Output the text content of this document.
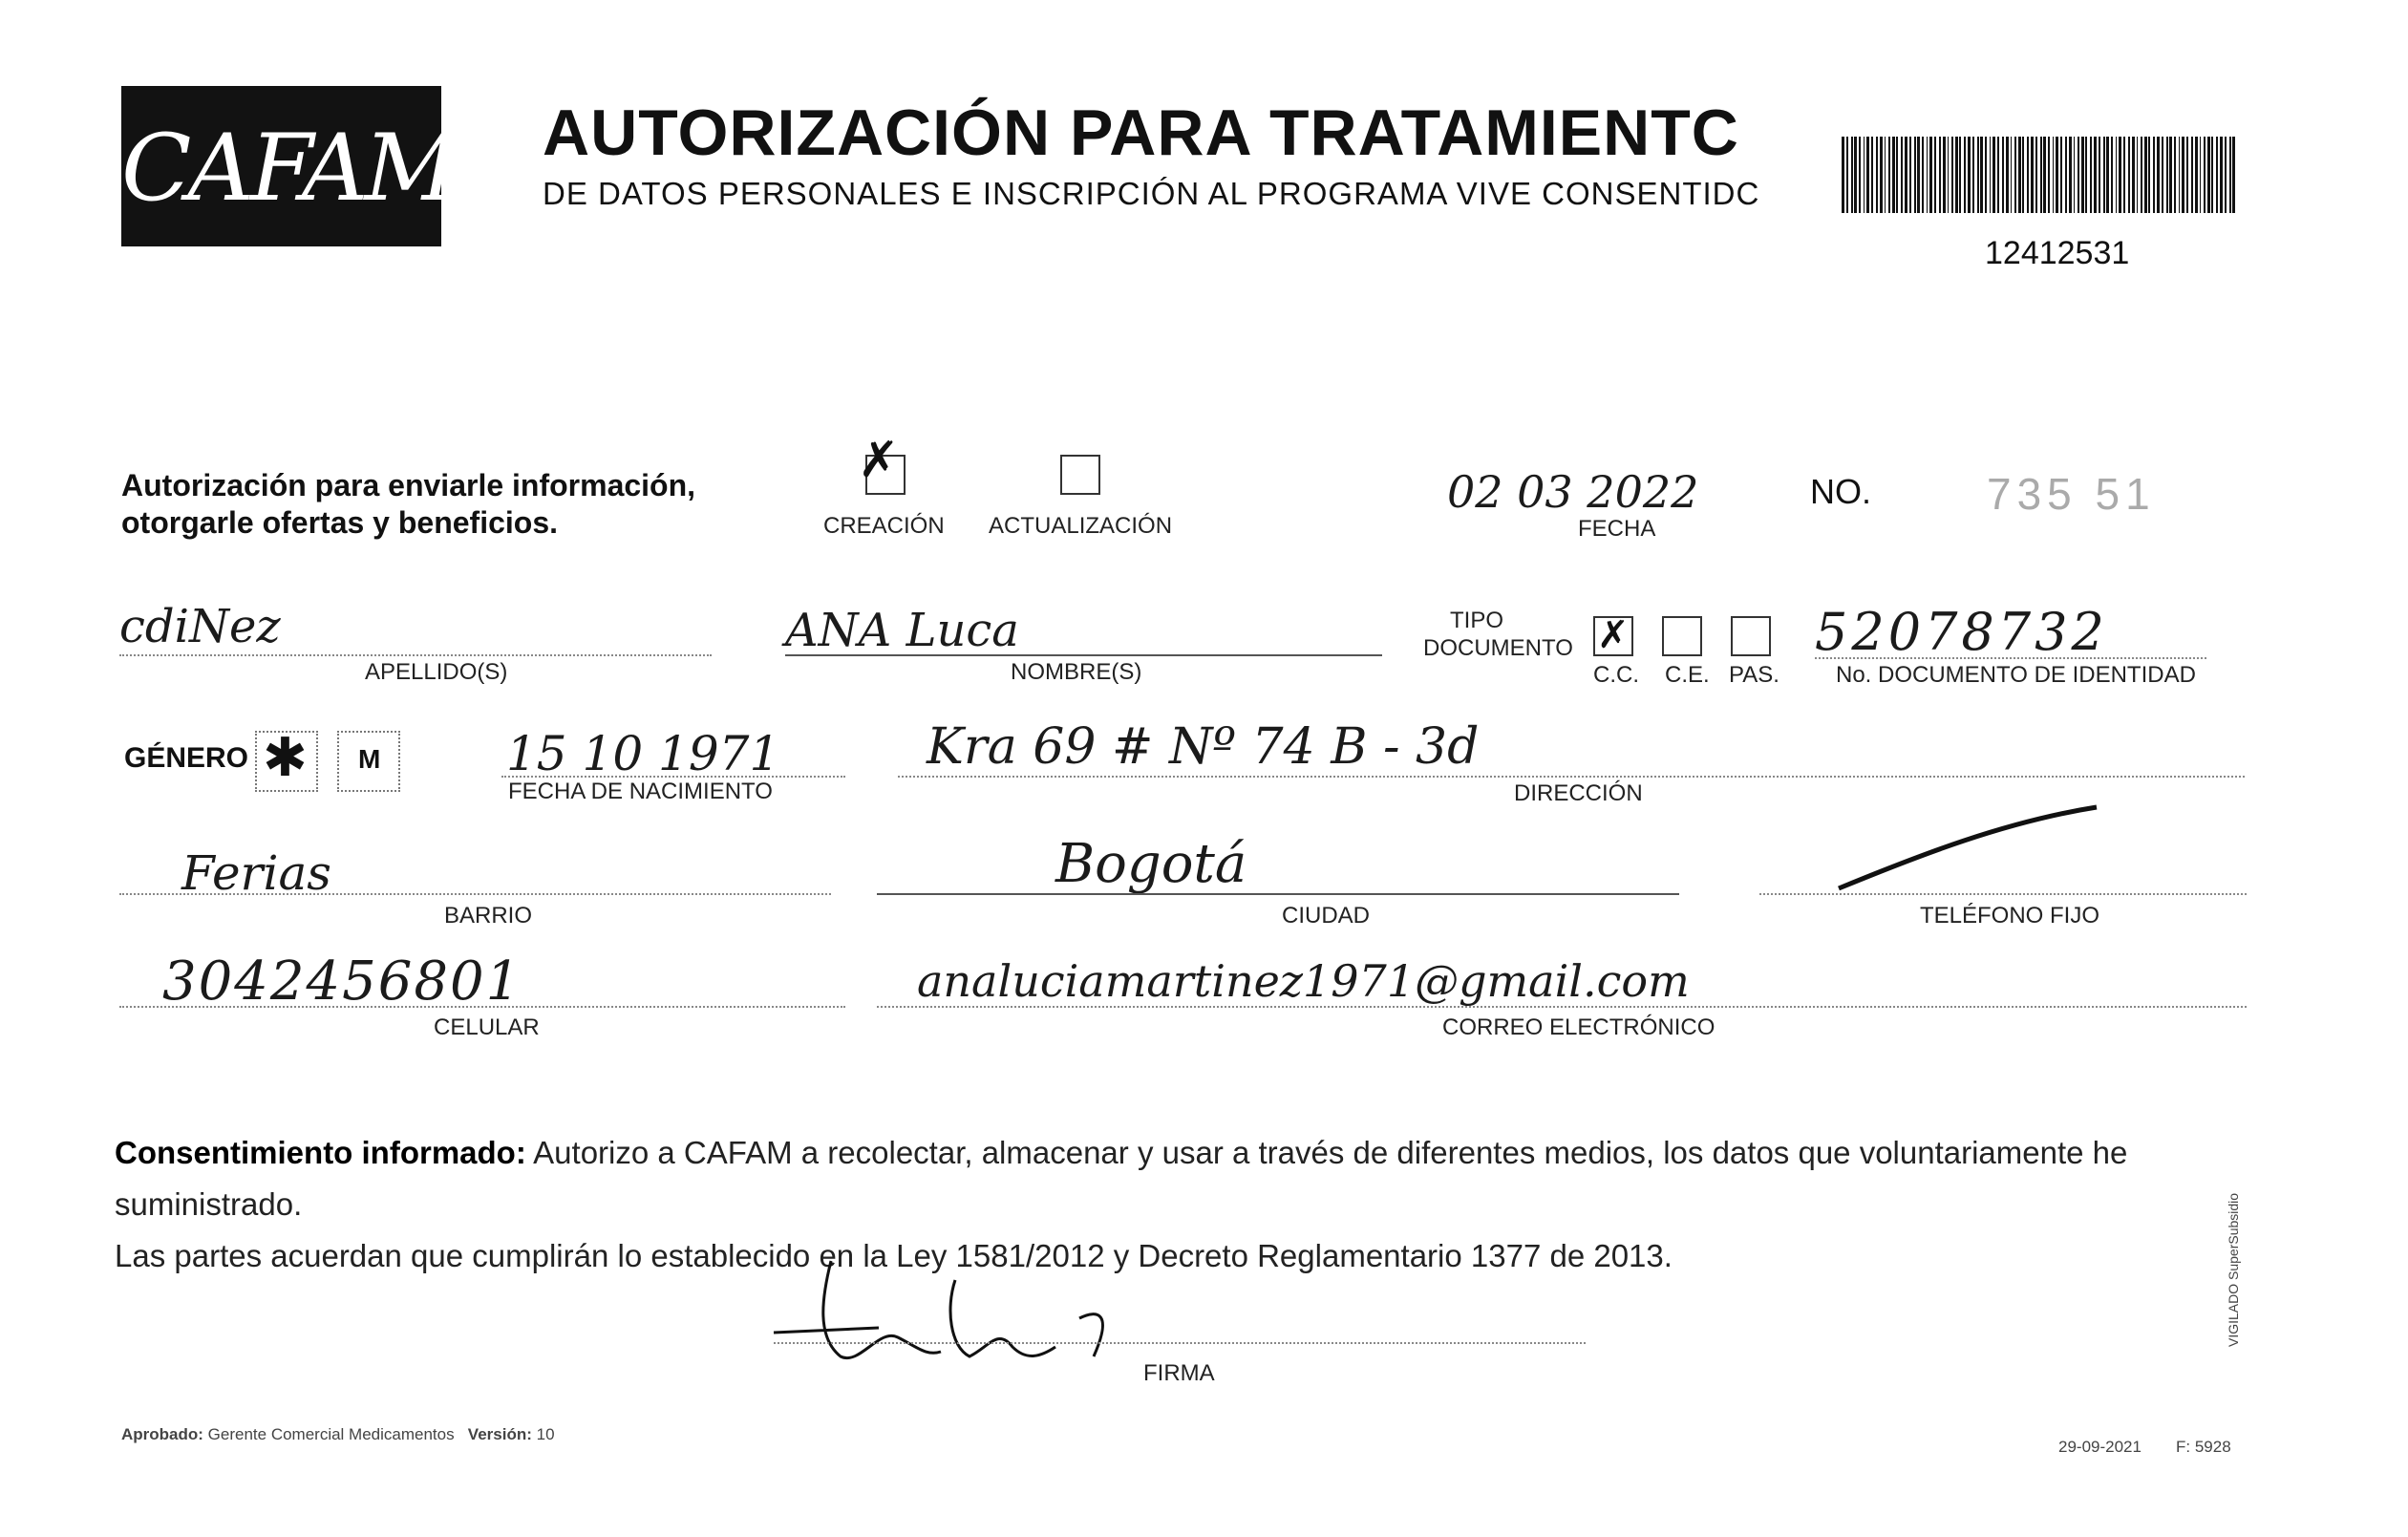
CAFAM AUTORIZACIÓN PARA TRATAMIENTC
DE DATOS PERSONALES E INSCRIPCIÓN AL PROGRAMA VIVE CONSENTIDC
12412531
Autorización para enviarle información,
otorgarle ofertas y beneficios.
✗
CREACIÓN ACTUALIZACIÓN
02 03 2022
FECHA
NO.	735 51
cdiNez
APELLIDO(S)
ANA Luca
NOMBRE(S)
TIPO
DOCUMENTO ✗
C.C. C.E. PAS.
52078732
No. DOCUMENTO DE IDENTIDAD
GÉNERO ✱ M	15 10 1971
FECHA DE NACIMIENTO
Kra 69 # Nº 74 B - 3d
DIRECCIÓN
Ferias
BARRIO
Bogotá
CIUDAD	TELÉFONO FIJO
3042456801
CELULAR
analuciamartinez1971@gmail.com
CORREO ELECTRÓNICO
Consentimiento informado: Autorizo a CAFAM a recolectar, almacenar y usar a través de diferentes medios, los datos que voluntariamente he suministrado.
Las partes acuerdan que cumplirán lo establecido en la Ley 1581/2012 y Decreto Reglamentario 1377 de 2013.
FIRMA
Aprobado: Gerente Comercial Medicamentos Versión: 10
29-09-2021 F: 5928
VIGILADO SuperSubsidio
